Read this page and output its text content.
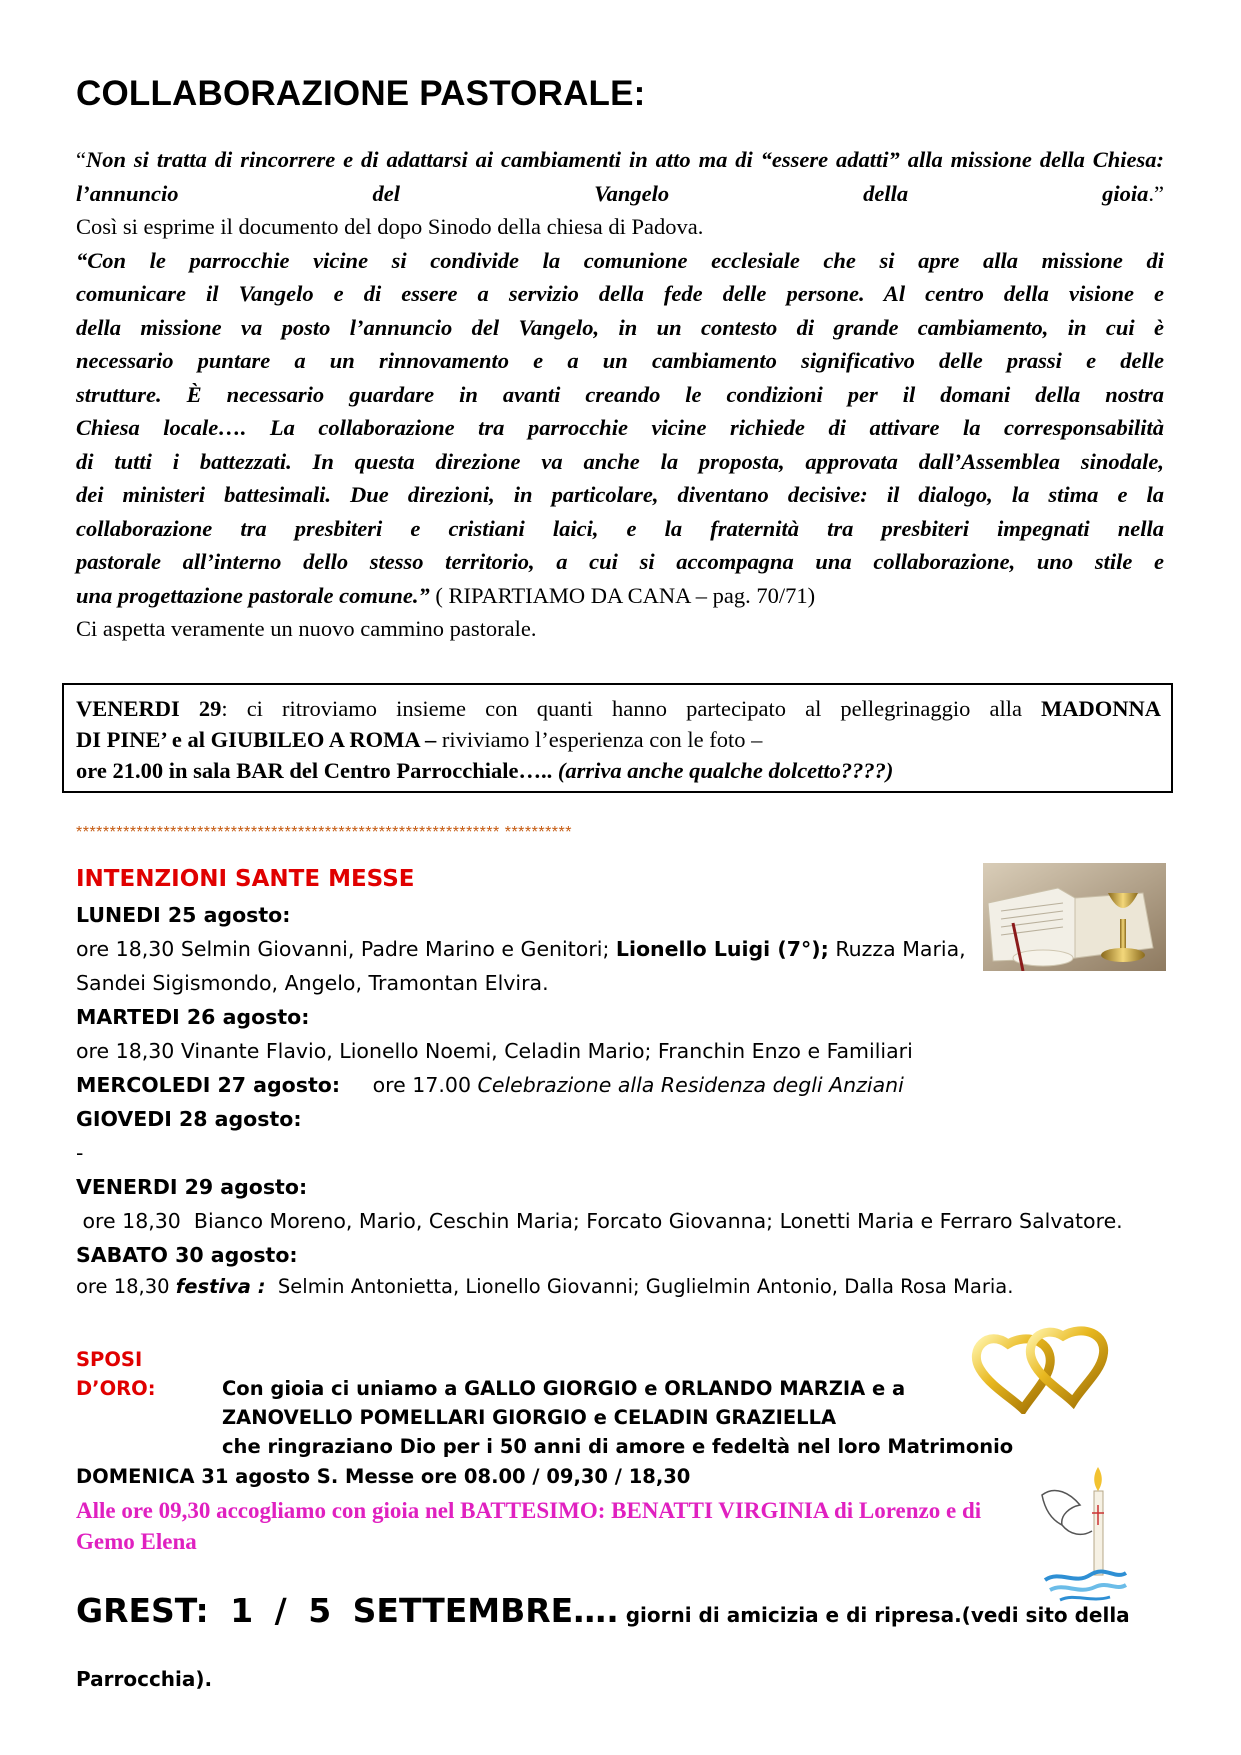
COLLABORAZIONE PASTORALE:

“Non si tratta di rincorrere e di adattarsi ai cambiamenti in atto ma di “essere adatti” alla missione della Chiesa: l’annuncio del Vangelo della gioia.”

Così si esprime il documento del dopo Sinodo della chiesa di Padova.

“Con le parrocchie vicine si condivide la comunione ecclesiale che si apre alla missione di

comunicare il Vangelo e di essere a servizio della fede delle persone. Al centro della visione e

della missione va posto l’annuncio del Vangelo, in un contesto di grande cambiamento, in cui è

necessario puntare a un rinnovamento e a un cambiamento significativo delle prassi e delle

strutture. È necessario guardare in avanti creando le condizioni per il domani della nostra

Chiesa locale…. La collaborazione tra parrocchie vicine richiede di attivare la corresponsabilità

di tutti i battezzati. In questa direzione va anche la proposta, approvata dall’Assemblea sinodale,

dei ministeri battesimali. Due direzioni, in particolare, diventano decisive: il dialogo, la stima e la

collaborazione tra presbiteri e cristiani laici, e la fraternità tra presbiteri impegnati nella

pastorale all’interno dello stesso territorio, a cui si accompagna una collaborazione, uno stile e

una progettazione pastorale comune.” ( RIPARTIAMO DA CANA – pag. 70/71)

Ci aspetta veramente un nuovo cammino pastorale.

VENERDI 29: ci ritroviamo insieme con quanti hanno partecipato al pellegrinaggio alla MADONNA

DI PINE’ e al GIUBILEO A ROMA – riviviamo l’esperienza con le foto –

ore 21.00 in sala BAR del Centro Parrocchiale….. (arriva anche qualche dolcetto????)

*************************************************************** **********
INTENZIONI SANTE MESSE
LUNEDI 25 agosto:
ore 18,30 Selmin Giovanni, Padre Marino e Genitori; Lionello Luigi (7°); Ruzza Maria,
Sandei Sigismondo, Angelo, Tramontan Elvira.
MARTEDI 26 agosto:
ore 18,30 Vinante Flavio, Lionello Noemi, Celadin Mario; Franchin Enzo e Familiari
MERCOLEDI 27 agosto:     ore 17.00 Celebrazione alla Residenza degli Anziani
GIOVEDI 28 agosto:
-
VENERDI 29 agosto:
ore 18,30  Bianco Moreno, Mario, Ceschin Maria; Forcato Giovanna; Lonetti Maria e Ferraro Salvatore.
SABATO 30 agosto:
ore 18,30 festiva :  Selmin Antonietta, Lionello Giovanni; Guglielmin Antonio, Dalla Rosa Maria.
SPOSI D’ORO:	Con gioia ci uniamo a GALLO GIORGIO e ORLANDO MARZIA e a
ZANOVELLO POMELLARI GIORGIO e CELADIN GRAZIELLA
che ringraziano Dio per i 50 anni di amore e fedeltà nel loro Matrimonio
DOMENICA 31 agosto S. Messe ore 08.00 / 09,30 / 18,30
Alle ore 09,30 accogliamo con gioia nel BATTESIMO: BENATTI VIRGINIA di Lorenzo e di Gemo Elena
GREST: 1 / 5 SETTEMBRE…. giorni di amicizia e di ripresa.(vedi sito della Parrocchia).
